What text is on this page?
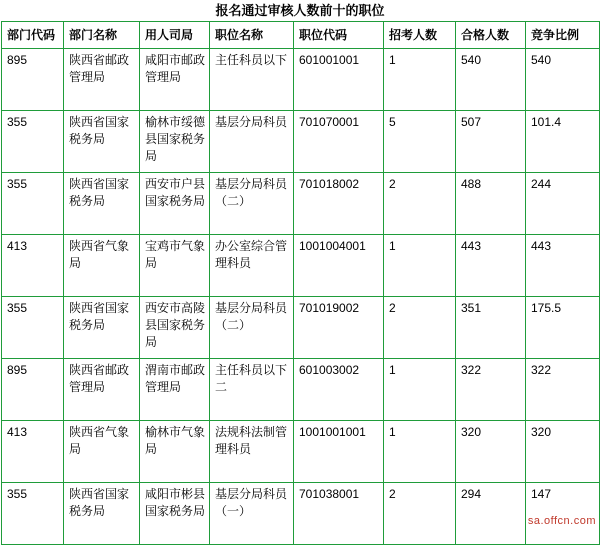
报名通过审核人数前十的职位
部门代码	部门名称	用人司局	职位名称	职位代码	招考人数	合格人数	竞争比例
895	陕西省邮政管理局	咸阳市邮政管理局	主任科员以下	601001001	1	540	540
355	陕西省国家税务局	榆林市绥德县国家税务局	基层分局科员	701070001	5	507	101.4
355	陕西省国家税务局	西安市户县国家税务局	基层分局科员（二）	701018002	2	488	244
413	陕西省气象局	宝鸡市气象局	办公室综合管理科员	1001004001	1	443	443
355	陕西省国家税务局	西安市高陵县国家税务局	基层分局科员（二）	701019002	2	351	175.5
895	陕西省邮政管理局	渭南市邮政管理局	主任科员以下二	601003002	1	322	322
413	陕西省气象局	榆林市气象局	法规科法制管理科员	1001001001	1	320	320
355	陕西省国家税务局	咸阳市彬县国家税务局	基层分局科员（一）	701038001	2	294	147
sa.offcn.com
